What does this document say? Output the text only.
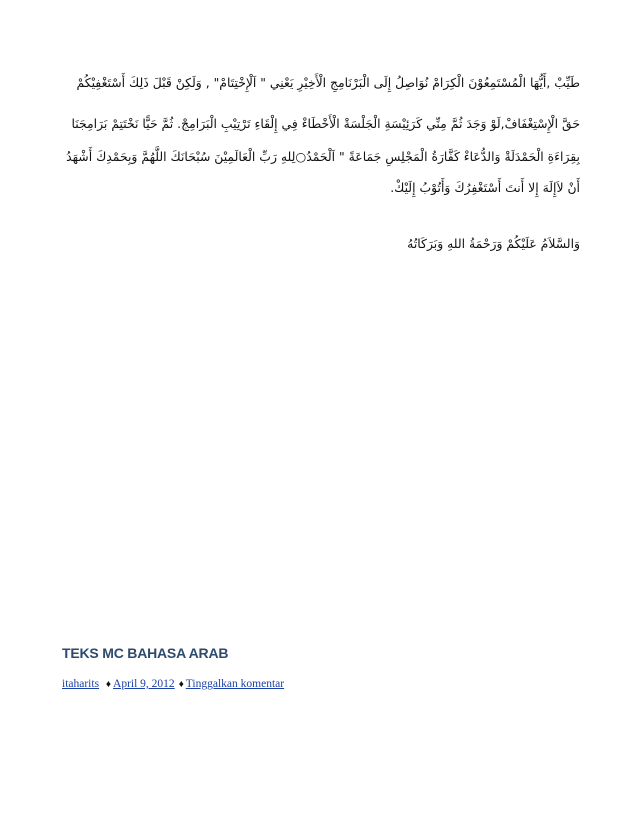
طَيِّبْ ,أَيُّهَا الْمُسْتَمِعُوْنَ الْكِرَامْ نُوَاصِلُ إِلَى الْبَرْنَامِجِ الْأَخِيْرِ يَعْنِي " اَلْإِخْتِتَامْ" , وَلَكِنْ قَبْلَ ذَلِكَ أَسْتَغْفِيْكُمْ

حَقَّ الْإِسْتِغْفَافْ,لَوْ وَجَدَ ثُمَّ مِنِّي كَرَئِيْسَةِ الْجَلْسَةْ الْأَخْطَاءْ فِي إِلْقَاءِ تَرْتِيْبِ الْبَرَامِجْ. ثُمَّ حَيًّا نَخْتَتِمْ بَرَامِجَنَا

بِقِرَاءَةِ الْحَمْدَلَةْ وَالدُّعَاءْ كَفَّارَةُ الْمَجْلِسِ جَمَاعَةً " اَلْحَمْدُ○لِلهِ رَبِّ الْعَالَمِيْنَ سُبْحَانَكَ اللَّهُمَّ وَبِحَمْدِكَ أَشْهَدُ

أَنْ لاَإِلَهَ إِلا أَنتَ أَسْتَغْفِرُكَ وَأَتُوْبُ إِلَيْكْ.

وَالسَّلاَمُ عَلَيْكُمْ وَرَحْمَةُ اللهِ وَبَرَكَاتُهُ

TEKS MC BAHASA ARAB
itaharits ♦ April 9, 2012 ♦ Tinggalkan komentar
